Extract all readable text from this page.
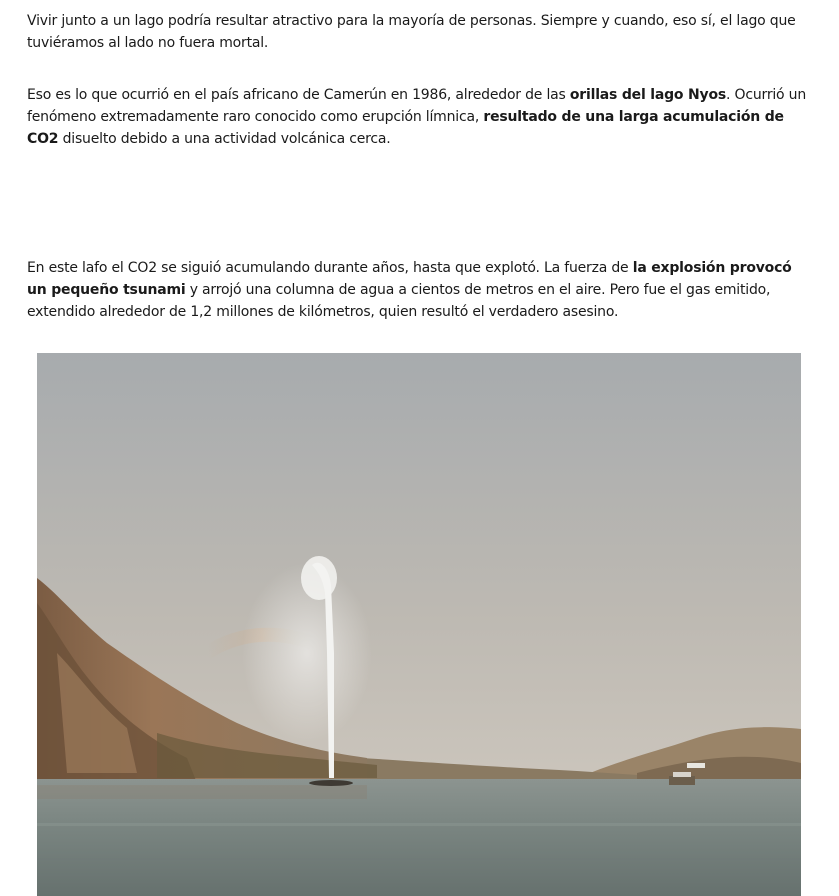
Vivir junto a un lago podría resultar atractivo para la mayoría de personas. Siempre y cuando, eso sí, el lago que tuviéramos al lado no fuera mortal.

Eso es lo que ocurrió en el país africano de Camerún en 1986, alrededor de las orillas del lago Nyos. Ocurrió un fenómeno extremadamente raro conocido como erupción límnica, resultado de una larga acumulación de CO2 disuelto debido a una actividad volcánica cerca.

En este lafo el CO2 se siguió acumulando durante años, hasta que explotó. La fuerza de la explosión provocó un pequeño tsunami y arrojó una columna de agua a cientos de metros en el aire. Pero fue el gas emitido, extendido alrededor de 1,2 millones de kilómetros, quien resultó el verdadero asesino.
